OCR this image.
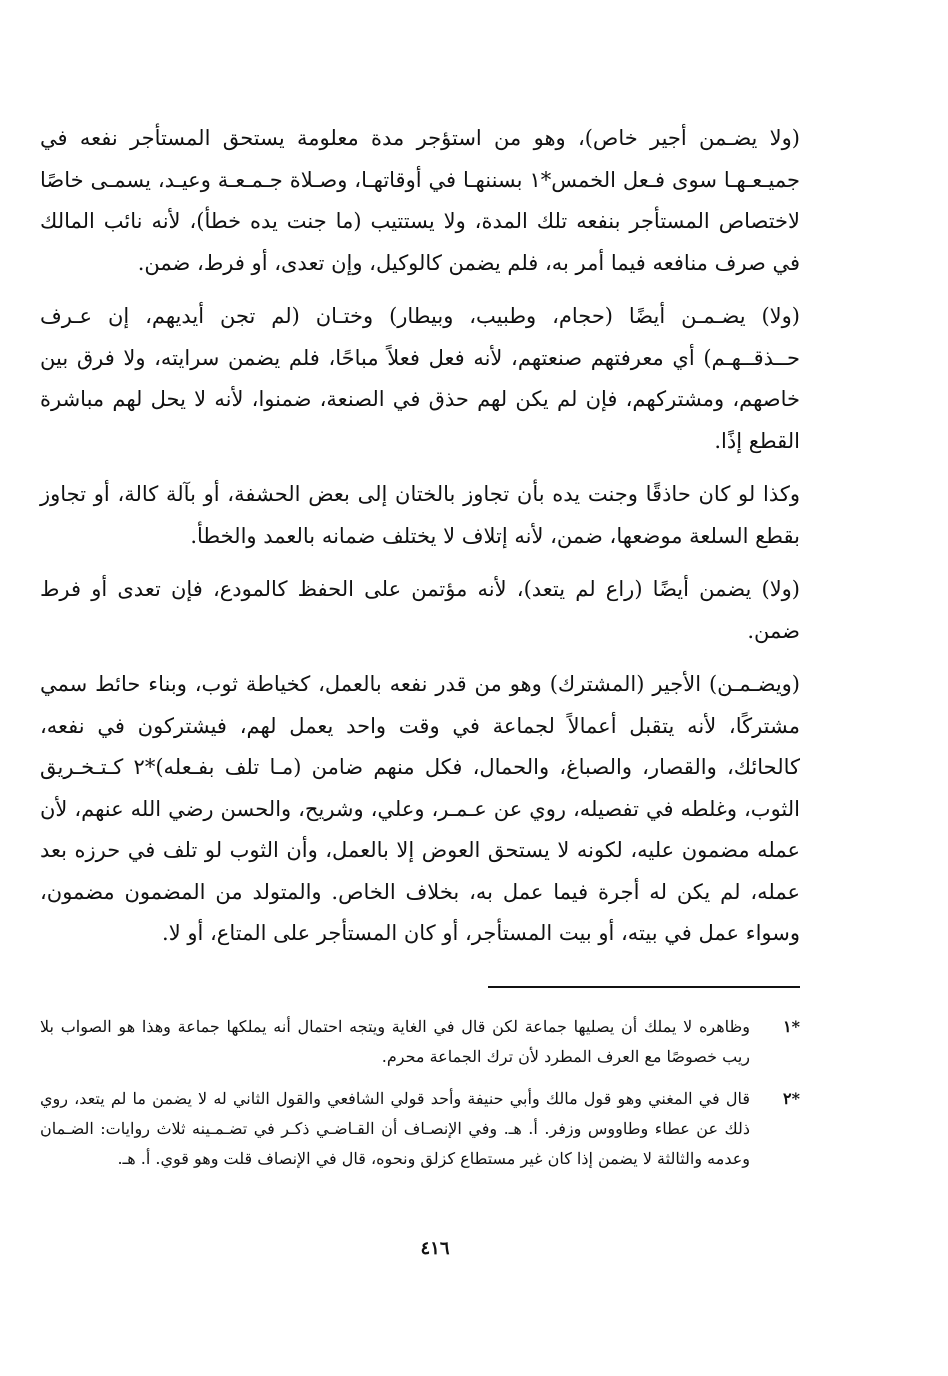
(ولا يضـمن أجير خاص)، وهو من استؤجر مدة معلومة يستحق المستأجر نفعه في جميـعـهـا سوى فـعل الخمس*١ بسننهـا في أوقاتهـا، وصـلاة جـمـعـة وعيـد، يسمـى خاصًا لاختصاص المستأجر بنفعه تلك المدة، ولا يستتيب (ما جنت يده خطأ)، لأنه نائب المالك في صرف منافعه فيما أمر به، فلم يضمن كالوكيل، وإن تعدى، أو فرط، ضمن.

(ولا) يضـمـن أيضًا (حجام، وطبيب، وبيطار) وختـان (لم تجن أيديهم، إن عـرف حــذقــهـم) أي معرفتهم صنعتهم، لأنه فعل فعلاً مباحًا، فلم يضمن سرايته، ولا فرق بين خاصهم، ومشتركهم، فإن لم يكن لهم حذق في الصنعة، ضمنوا، لأنه لا يحل لهم مباشرة القطع إذًا.

وكذا لو كان حاذقًا وجنت يده بأن تجاوز بالختان إلى بعض الحشفة، أو بآلة كالة، أو تجاوز بقطع السلعة موضعها، ضمن، لأنه إتلاف لا يختلف ضمانه بالعمد والخطأ.

(ولا) يضمن أيضًا (راع لم يتعد)، لأنه مؤتمن على الحفظ كالمودع، فإن تعدى أو فرط ضمن.

(ويضـمـن) الأجير (المشترك) وهو من قدر نفعه بالعمل، كخياطة ثوب، وبناء حائط سمي مشتركًا، لأنه يتقبل أعمالاً لجماعة في وقت واحد يعمل لهم، فيشتركون في نفعه، كالحائك، والقصار، والصباغ، والحمال، فكل منهم ضامن (مـا تلف بفـعله)*٢ كـتـخـريق الثوب، وغلطه في تفصيله، روي عن عـمـر، وعلي، وشريح، والحسن رضي الله عنهم، لأن عمله مضمون عليه، لكونه لا يستحق العوض إلا بالعمل، وأن الثوب لو تلف في حرزه بعد عمله، لم يكن له أجرة فيما عمل به، بخلاف الخاص. والمتولد من المضمون مضمون، وسواء عمل في بيته، أو بيت المستأجر، أو كان المستأجر على المتاع، أو لا.

*١
وظاهره لا يملك أن يصليها جماعة لكن قال في الغاية ويتجه احتمال أنه يملكها جماعة وهذا هو الصواب بلا ريب خصوصًا مع العرف المطرد لأن ترك الجماعة محرم.
*٢
قال في المغني وهو قول مالك وأبي حنيفة وأحد قولي الشافعي والقول الثاني له لا يضمن ما لم يتعد، روي ذلك عن عطاء وطاووس وزفر. أ. هـ. وفي الإنصـاف أن القـاضـي ذكـر في تضـمـينه ثلاث روايات: الضـمان وعدمه والثالثة لا يضمن إذا كان غير مستطاع كزلق ونحوه، قال في الإنصاف قلت وهو قوي. أ. هـ.
٤١٦
